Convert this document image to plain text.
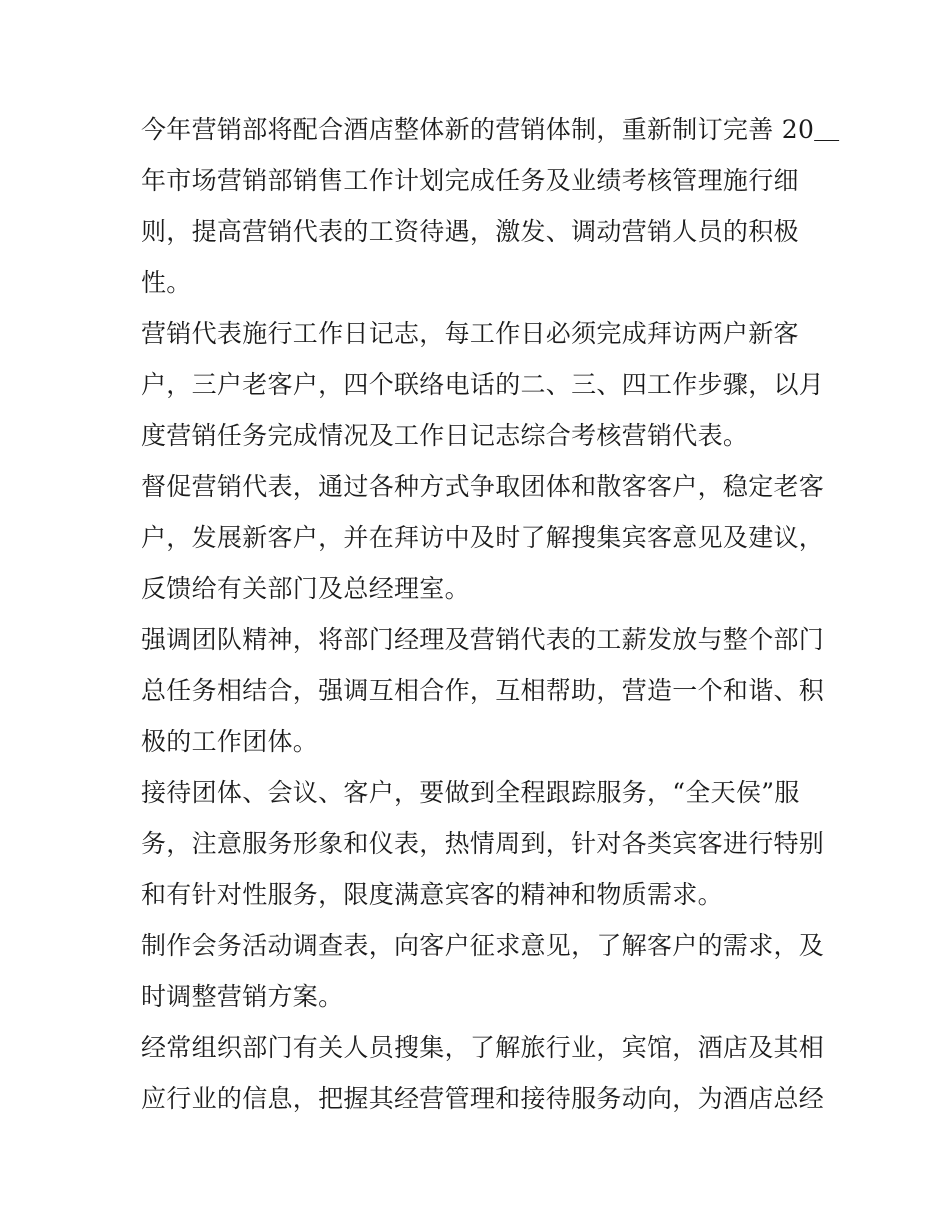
今年营销部将配合酒店整体新的营销体制，重新制订完善 20＿
年市场营销部销售工作计划完成任务及业绩考核管理施行细
则，提高营销代表的工资待遇，激发、调动营销人员的积极
性。

营销代表施行工作日记志，每工作日必须完成拜访两户新客
户，三户老客户，四个联络电话的二、三、四工作步骤，以月
度营销任务完成情况及工作日记志综合考核营销代表。

督促营销代表，通过各种方式争取团体和散客客户，稳定老客
户，发展新客户，并在拜访中及时了解搜集宾客意见及建议，
反馈给有关部门及总经理室。

强调团队精神，将部门经理及营销代表的工薪发放与整个部门
总任务相结合，强调互相合作，互相帮助，营造一个和谐、积
极的工作团体。

接待团体、会议、客户，要做到全程跟踪服务，“全天侯”服
务，注意服务形象和仪表，热情周到，针对各类宾客进行特别
和有针对性服务，限度满意宾客的精神和物质需求。

制作会务活动调查表，向客户征求意见，了解客户的需求，及
时调整营销方案。

经常组织部门有关人员搜集，了解旅行业，宾馆，酒店及其相
应行业的信息，把握其经营管理和接待服务动向，为酒店总经
